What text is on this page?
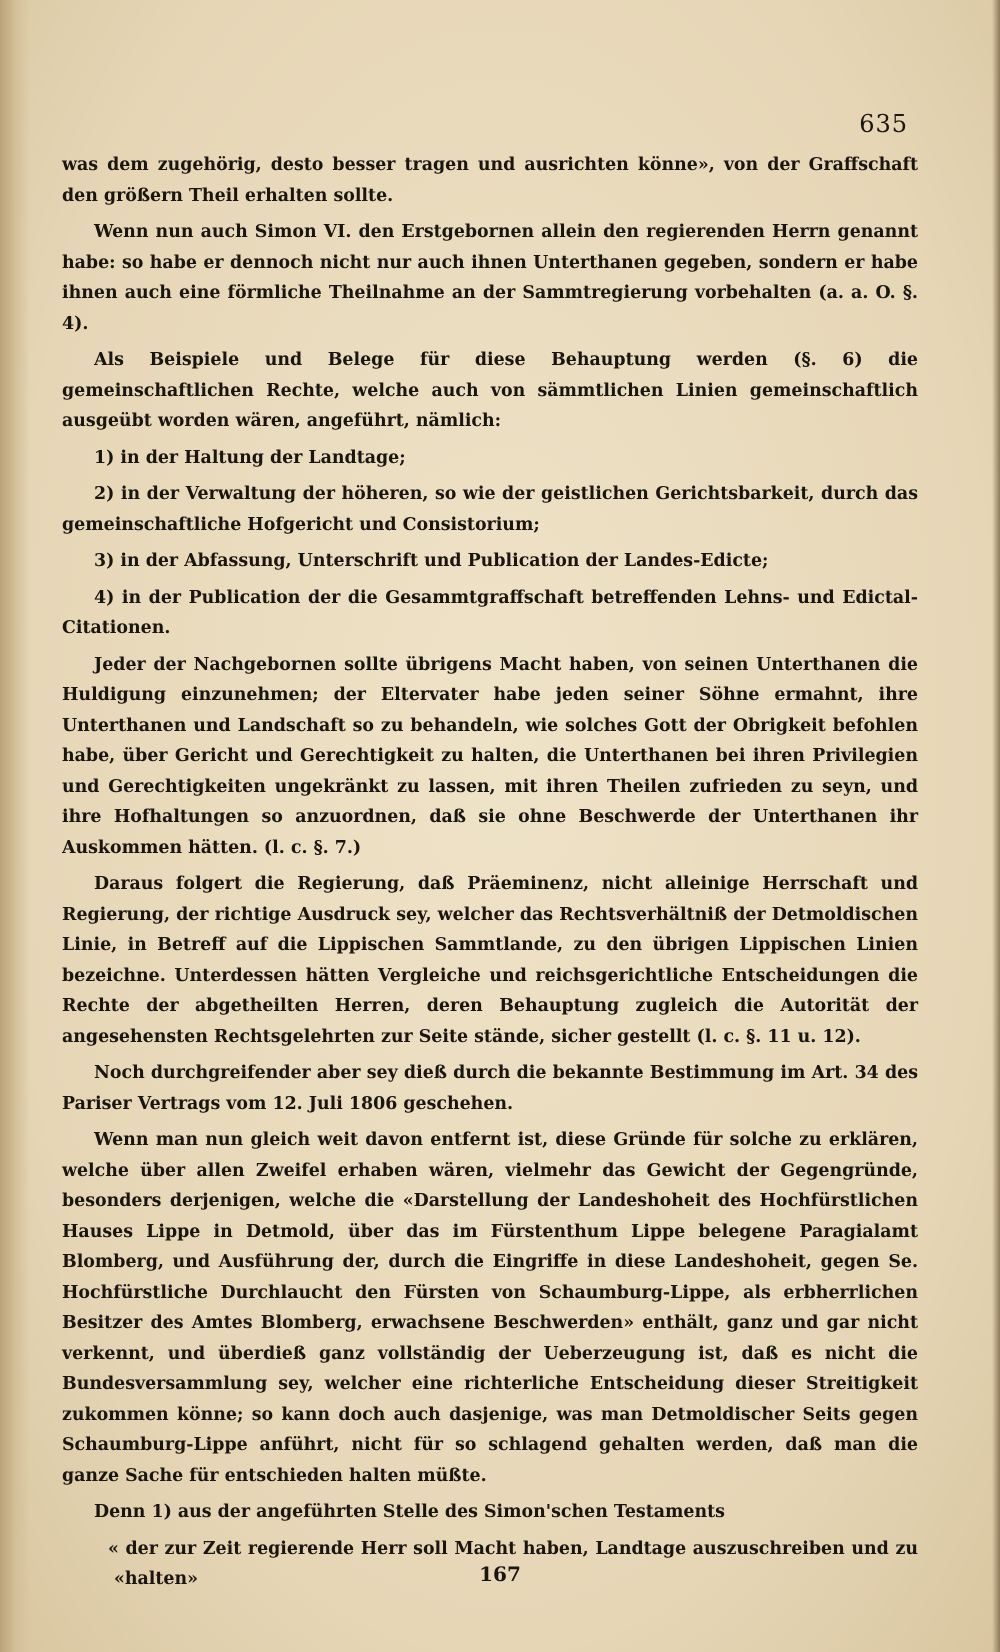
635

was dem zugehörig, desto besser tragen und ausrichten könne», von der Graffschaft den größern Theil erhalten sollte.

Wenn nun auch Simon VI. den Erstgebornen allein den regierenden Herrn genannt habe: so habe er dennoch nicht nur auch ihnen Unterthanen gegeben, sondern er habe ihnen auch eine förmliche Theilnahme an der Sammtregierung vorbehalten (a. a. O. §. 4).

Als Beispiele und Belege für diese Behauptung werden (§. 6) die gemeinschaftlichen Rechte, welche auch von sämmtlichen Linien gemeinschaftlich ausgeübt worden wären, angeführt, nämlich:

1) in der Haltung der Landtage;

2) in der Verwaltung der höheren, so wie der geistlichen Gerichtsbarkeit, durch das gemeinschaftliche Hofgericht und Consistorium;

3) in der Abfassung, Unterschrift und Publication der Landes-Edicte;

4) in der Publication der die Gesammtgraffschaft betreffenden Lehns- und Edictal-Citationen.

Jeder der Nachgebornen sollte übrigens Macht haben, von seinen Unterthanen die Huldigung einzunehmen; der Eltervater habe jeden seiner Söhne ermahnt, ihre Unterthanen und Landschaft so zu behandeln, wie solches Gott der Obrigkeit befohlen habe, über Gericht und Gerechtigkeit zu halten, die Unterthanen bei ihren Privilegien und Gerechtigkeiten ungekränkt zu lassen, mit ihren Theilen zufrieden zu seyn, und ihre Hofhaltungen so anzuordnen, daß sie ohne Beschwerde der Unterthanen ihr Auskommen hätten. (l. c. §. 7.)

Daraus folgert die Regierung, daß Präeminenz, nicht alleinige Herrschaft und Regierung, der richtige Ausdruck sey, welcher das Rechtsverhältniß der Detmoldischen Linie, in Betreff auf die Lippischen Sammtlande, zu den übrigen Lippischen Linien bezeichne. Unterdessen hätten Vergleiche und reichsgerichtliche Entscheidungen die Rechte der abgetheilten Herren, deren Behauptung zugleich die Autorität der angesehensten Rechtsgelehrten zur Seite stände, sicher gestellt (l. c. §. 11 u. 12).

Noch durchgreifender aber sey dieß durch die bekannte Bestimmung im Art. 34 des Pariser Vertrags vom 12. Juli 1806 geschehen.

Wenn man nun gleich weit davon entfernt ist, diese Gründe für solche zu erklären, welche über allen Zweifel erhaben wären, vielmehr das Gewicht der Gegengründe, besonders derjenigen, welche die «Darstellung der Landeshoheit des Hochfürstlichen Hauses Lippe in Detmold, über das im Fürstenthum Lippe belegene Paragialamt Blomberg, und Ausführung der, durch die Eingriffe in diese Landeshoheit, gegen Se. Hochfürstliche Durchlaucht den Fürsten von Schaumburg-Lippe, als erbherrlichen Besitzer des Amtes Blomberg, erwachsene Beschwerden» enthält, ganz und gar nicht verkennt, und überdieß ganz vollständig der Ueberzeugung ist, daß es nicht die Bundesversammlung sey, welcher eine richterliche Entscheidung dieser Streitigkeit zukommen könne; so kann doch auch dasjenige, was man Detmoldischer Seits gegen Schaumburg-Lippe anführt, nicht für so schlagend gehalten werden, daß man die ganze Sache für entschieden halten müßte.

Denn 1) aus der angeführten Stelle des Simon'schen Testaments

« der zur Zeit regierende Herr soll Macht haben, Landtage auszuschreiben und zu «halten»	167
